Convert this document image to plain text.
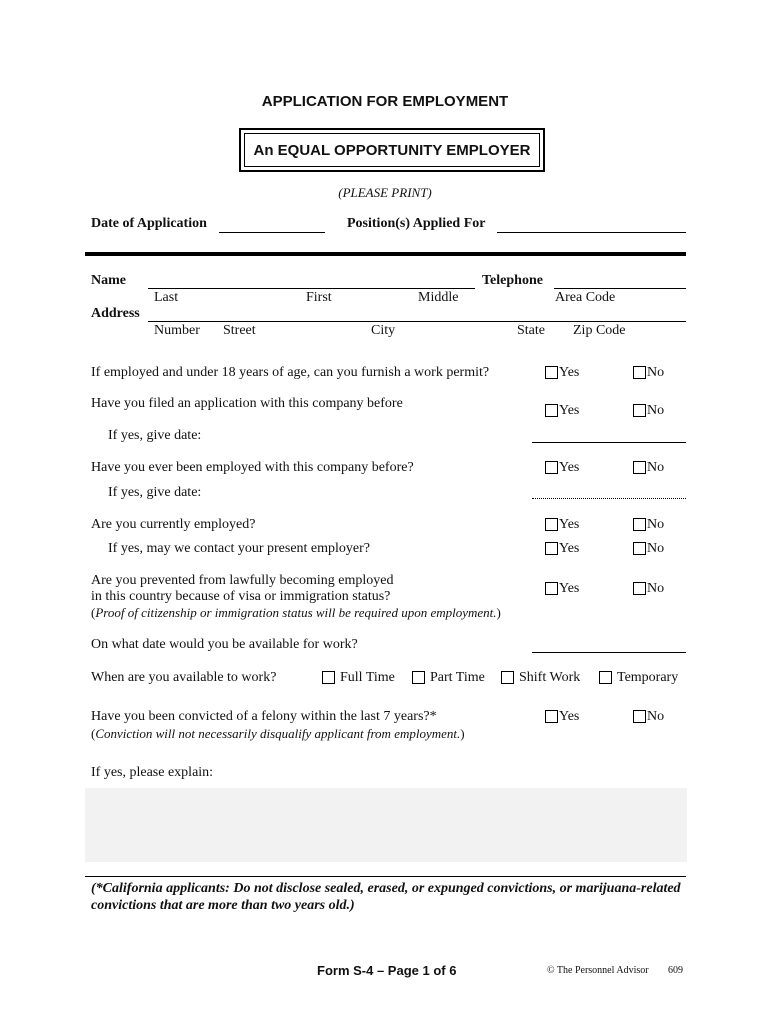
APPLICATION FOR EMPLOYMENT
An EQUAL OPPORTUNITY EMPLOYER
(PLEASE PRINT)
Date of Application	Position(s) Applied For
Name	Telephone
Last	First	Middle	Area Code
Address
Number Street	City	State Zip Code
If employed and under 18 years of age, can you furnish a work permit?	Yes	No
Have you filed an application with this company before	Yes	No
If yes, give date:
Have you ever been employed with this company before?	Yes	No
If yes, give date:
Are you currently employed?	Yes	No
If yes, may we contact your present employer?	Yes	No
Are you prevented from lawfully becoming employed
in this country because of visa or immigration status?
(Proof of citizenship or immigration status will be required upon employment.)
Yes	No
On what date would you be available for work?
When are you available to work?	Full Time	Part Time Shift Work	Temporary
Have you been convicted of a felony within the last 7 years?*
(Conviction will not necessarily disqualify applicant from employment.)
Yes	No
If yes, please explain:
(*California applicants: Do not disclose sealed, erased, or expunged convictions, or marijuana-related
convictions that are more than two years old.)
Form S-4 – Page 1 of 6	© The Personnel Advisor 609
